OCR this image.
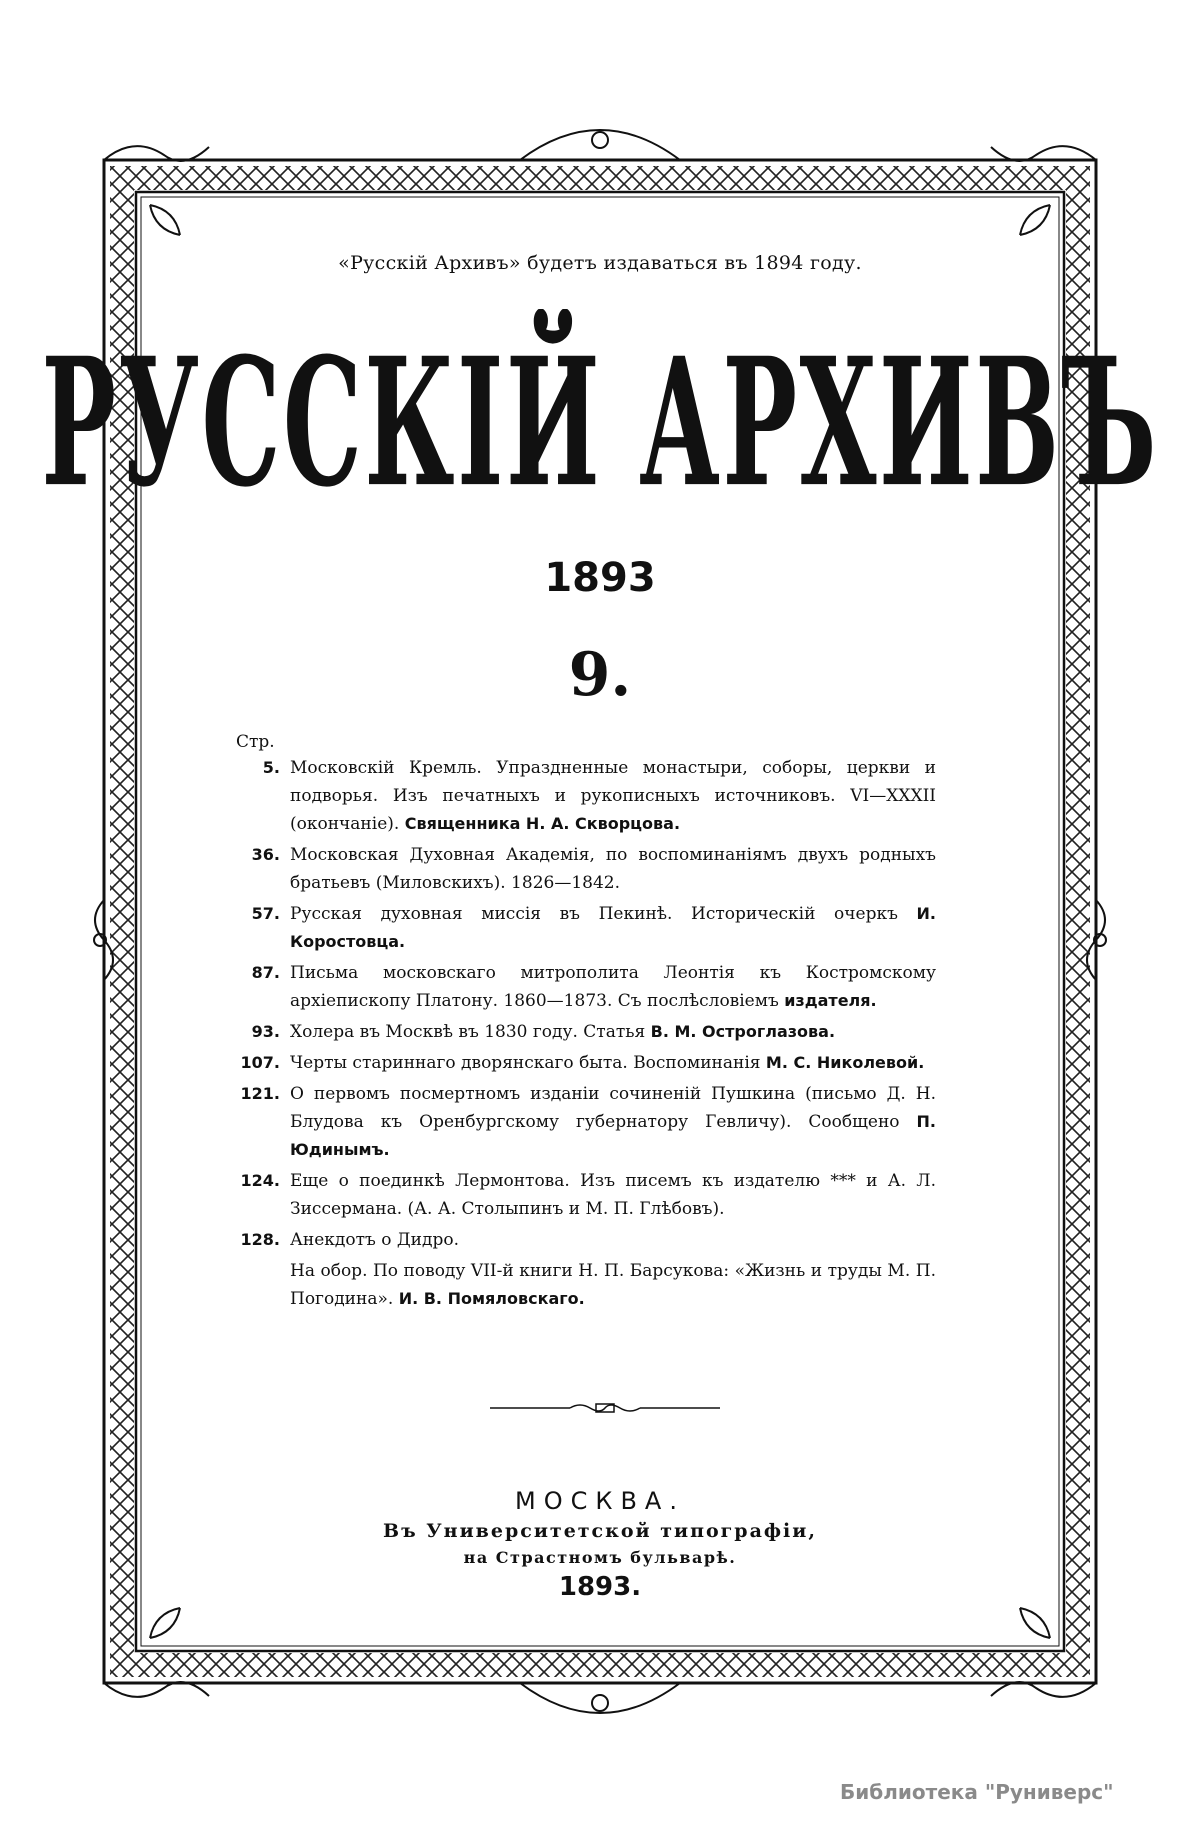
«Русскій Архивъ» будетъ издаваться въ 1894 году.
РУССКІЙ АРХИВЪ
1893
9.
Стр.
5. Московскій Кремль. Упраздненные монастыри, соборы, церкви и подворья. Изъ печатныхъ и рукописныхъ источниковъ. VI—XXXII (окончаніе). Священника Н. А. Скворцова.
36. Московская Духовная Академія, по воспоминаніямъ двухъ родныхъ братьевъ (Миловскихъ). 1826—1842.
57. Русская духовная миссія въ Пекинѣ. Историческій очеркъ И. Коростовца.
87. Письма московскаго митрополита Леонтія къ Костромскому архіепископу Платону. 1860—1873. Съ послѣсловіемъ издателя.
93. Холера въ Москвѣ въ 1830 году. Статья В. М. Остроглазова.
107. Черты стариннаго дворянскаго быта. Воспоминанія М. С. Николевой.
121. О первомъ посмертномъ изданіи сочиненій Пушкина (письмо Д. Н. Блудова къ Оренбургскому губернатору Гевличу). Сообщено П. Юдинымъ.
124. Еще о поединкѣ Лермонтова. Изъ писемъ къ издателю *** и А. Л. Зиссермана. (А. А. Столыпинъ и М. П. Глѣбовъ).
128. Анекдотъ о Дидро.
На обор. По поводу VII-й книги Н. П. Барсукова: «Жизнь и труды М. П. Погодина». И. В. Помяловскаго.
МОСКВА.
Въ Университетской типографіи,
на Страстномъ бульварѣ.
1893.
Библиотека "Руниверс"
